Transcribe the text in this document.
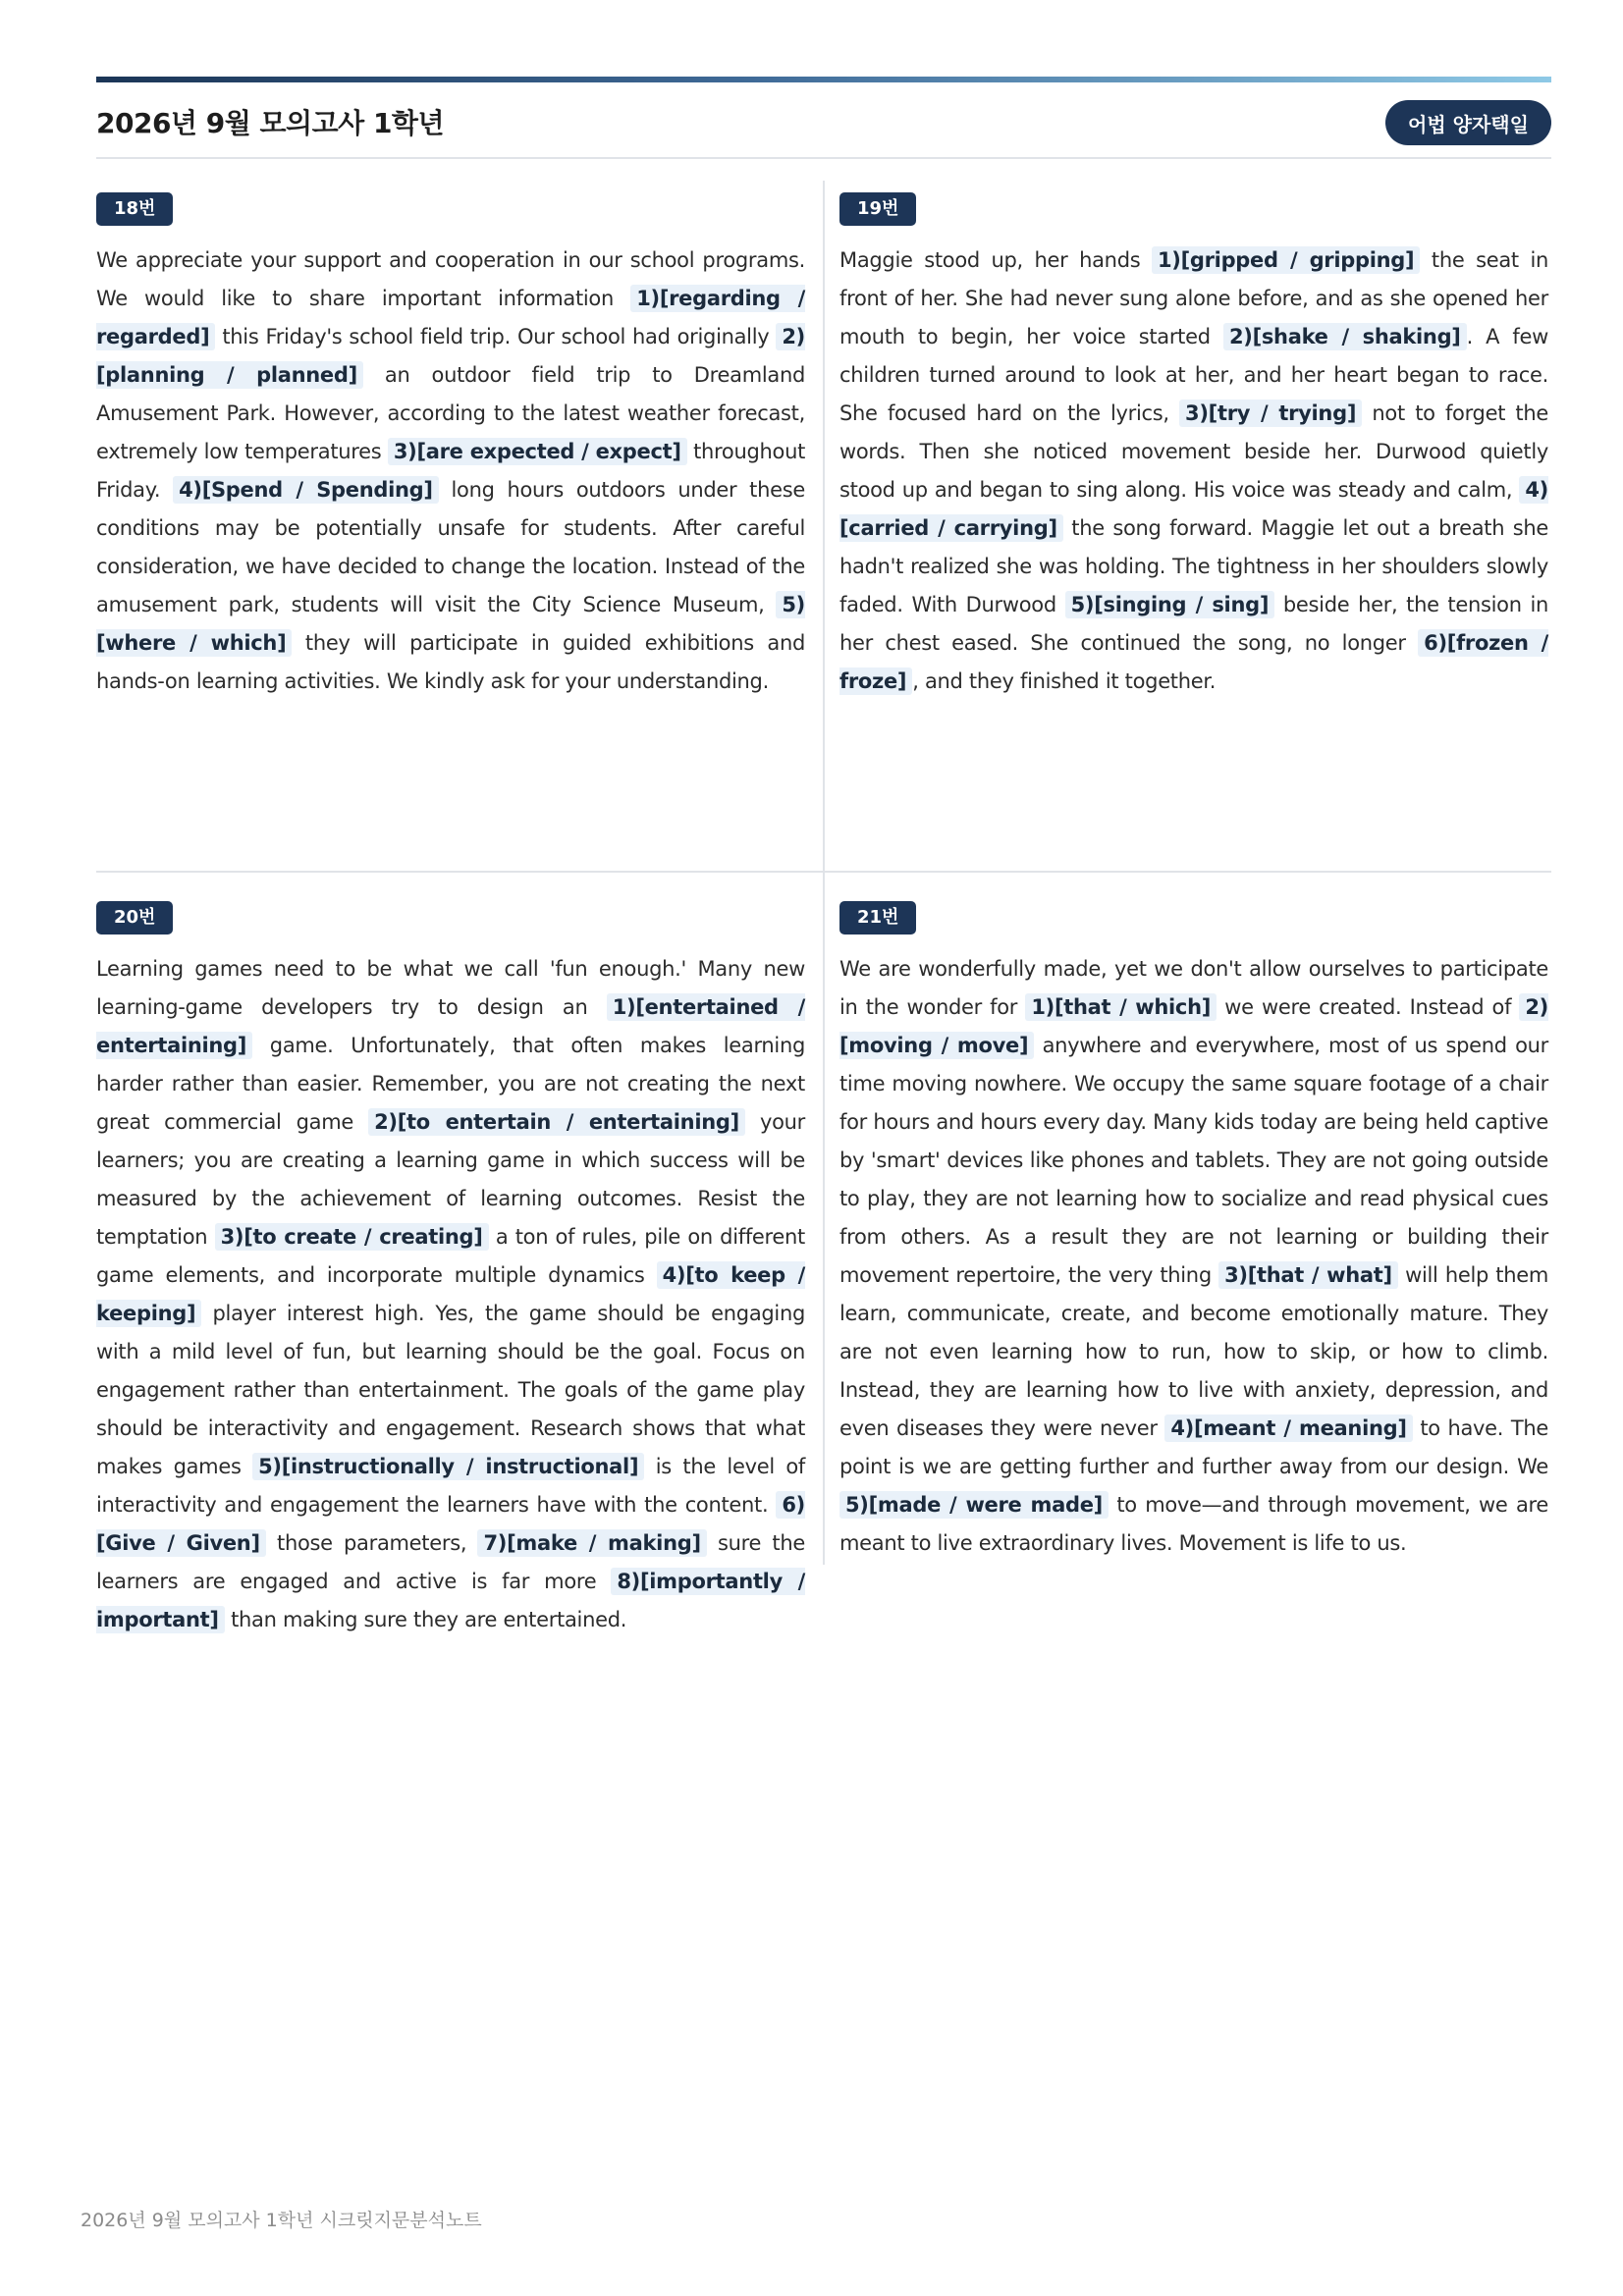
2026년 9월 모의고사 1학년	어법 양자택일
18번

We appreciate your support and cooperation in our school programs. We would like to share important information 1)[regarding / regarded] this Friday's school field trip. Our school had originally 2)[planning / planned] an outdoor field trip to Dreamland Amusement Park. However, according to the latest weather forecast, extremely low temperatures 3)[are expected / expect] throughout Friday. 4)[Spend / Spending] long hours outdoors under these conditions may be potentially unsafe for students. After careful consideration, we have decided to change the location. Instead of the amusement park, students will visit the City Science Museum, 5)[where / which] they will participate in guided exhibitions and hands-on learning activities. We kindly ask for your understanding.

19번

Maggie stood up, her hands 1)[gripped / gripping] the seat in front of her. She had never sung alone before, and as she opened her mouth to begin, her voice started 2)[shake / shaking] . A few children turned around to look at her, and her heart began to race. She focused hard on the lyrics, 3)[try / trying] not to forget the words. Then she noticed movement beside her. Durwood quietly stood up and began to sing along. His voice was steady and calm, 4)[carried / carrying] the song forward. Maggie let out a breath she hadn't realized she was holding. The tightness in her shoulders slowly faded. With Durwood 5)[singing / sing] beside her, the tension in her chest eased. She continued the song, no longer 6)[frozen / froze] , and they finished it together.

20번

Learning games need to be what we call 'fun enough.' Many new learning-game developers try to design an 1)[entertained / entertaining] game. Unfortunately, that often makes learning harder rather than easier. Remember, you are not creating the next great commercial game 2)[to entertain / entertaining] your learners; you are creating a learning game in which success will be measured by the achievement of learning outcomes. Resist the temptation 3)[to create / creating] a ton of rules, pile on different game elements, and incorporate multiple dynamics 4)[to keep / keeping] player interest high. Yes, the game should be engaging with a mild level of fun, but learning should be the goal. Focus on engagement rather than entertainment. The goals of the game play should be interactivity and engagement. Research shows that what makes games 5)[instructionally / instructional] is the level of interactivity and engagement the learners have with the content. 6)[Give / Given] those parameters, 7)[make / making] sure the learners are engaged and active is far more 8)[importantly / important] than making sure they are entertained.

21번

We are wonderfully made, yet we don't allow ourselves to participate in the wonder for 1)[that / which] we were created. Instead of 2)[moving / move] anywhere and everywhere, most of us spend our time moving nowhere. We occupy the same square footage of a chair for hours and hours every day. Many kids today are being held captive by 'smart' devices like phones and tablets. They are not going outside to play, they are not learning how to socialize and read physical cues from others. As a result they are not learning or building their movement repertoire, the very thing 3)[that / what] will help them learn, communicate, create, and become emotionally mature. They are not even learning how to run, how to skip, or how to climb. Instead, they are learning how to live with anxiety, depression, and even diseases they were never 4)[meant / meaning] to have. The point is we are getting further and further away from our design. We 5)[made / were made] to move—and through movement, we are meant to live extraordinary lives. Movement is life to us.

2026년 9월 모의고사 1학년 시크릿지문분석노트
